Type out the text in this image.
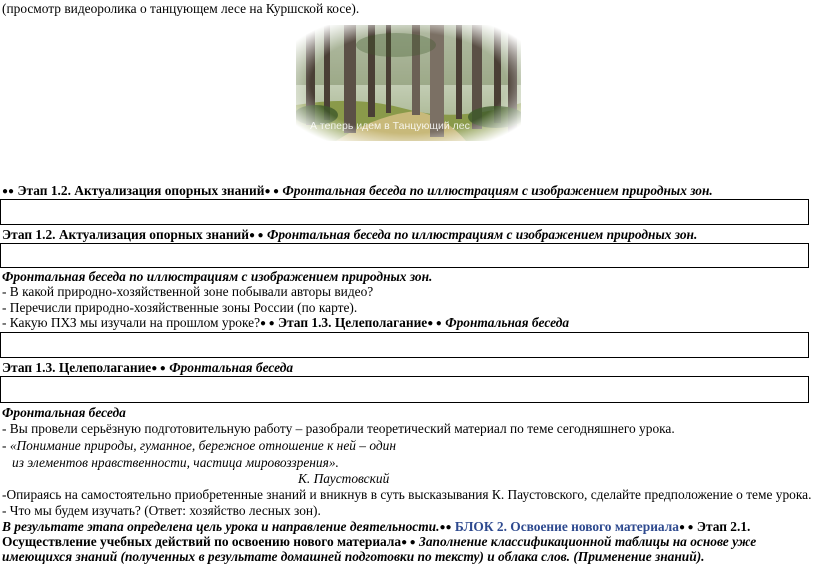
(просмотр видеоролика о танцующем лесе на Куршской косе).
А теперь идем в Танцующий лес
●● Этап 1.2. Актуализация опорных знаний● ● Фронтальная беседа по иллюстрациям с изображением природных зон.
Этап 1.2. Актуализация опорных знаний● ● Фронтальная беседа по иллюстрациям с изображением природных зон.
Фронтальная беседа по иллюстрациям с изображением природных зон.
- В какой природно-хозяйственной зоне побывали авторы видео?
- Перечисли природно-хозяйственные зоны России (по карте).
- Какую ПХЗ мы изучали на прошлом уроке?● ● Этап 1.3. Целеполагание● ● Фронтальная беседа
Этап 1.3. Целеполагание● ● Фронтальная беседа
Фронтальная беседа
- Вы провели серьёзную подготовительную работу – разобрали теоретический материал по теме сегодняшнего урока.
- «Понимание природы, гуманное, бережное отношение к ней – один
из элементов нравственности, частица мировоззрения».
К. Паустовский
-Опираясь на самостоятельно приобретенные знаний и вникнув в суть высказывания К. Паустовского, сделайте предположение о теме урока.
- Что мы будем изучать? (Ответ: хозяйство лесных зон).
В результате этапа определена цель урока и направление деятельности.●● БЛОК 2. Освоение нового материала● ● Этап 2.1.
Осуществление учебных действий по освоению нового материала● ● Заполнение классификационной таблицы на основе уже
имеющихся знаний (полученных в результате домашней подготовки по тексту) и облака слов. (Применение знаний).
